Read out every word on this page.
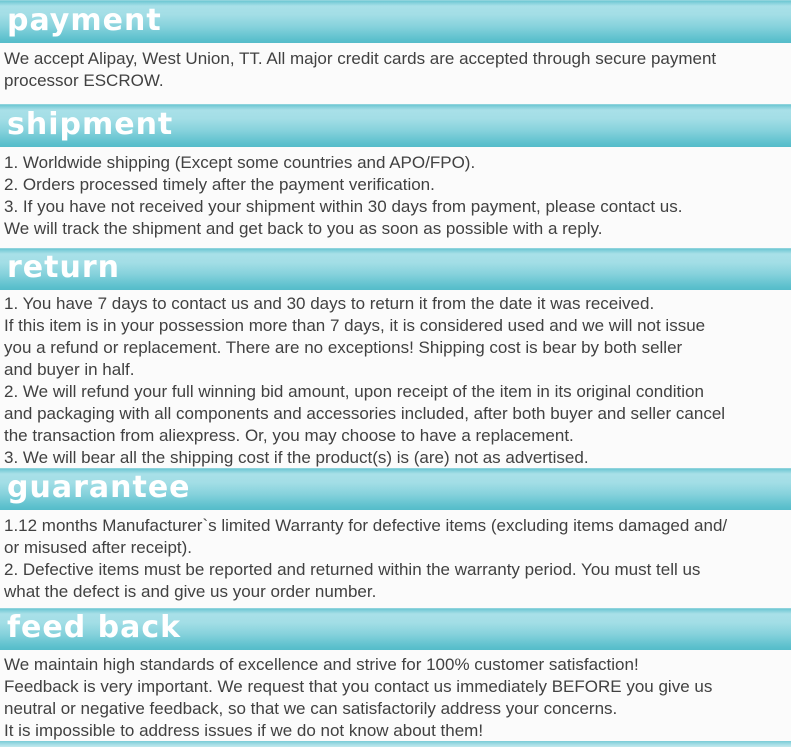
payment
We accept Alipay, West Union, TT. All major credit cards are accepted through secure payment
processor ESCROW.
shipment
1. Worldwide shipping (Except some countries and APO/FPO).
2. Orders processed timely after the payment verification.
3. If you have not received your shipment within 30 days from payment, please contact us.
We will track the shipment and get back to you as soon as possible with a reply.
return
1. You have 7 days to contact us and 30 days to return it from the date it was received.
If this item is in your possession more than 7 days, it is considered used and we will not issue
you a refund or replacement. There are no exceptions! Shipping cost is bear by both seller
and buyer in half.
2. We will refund your full winning bid amount, upon receipt of the item in its original condition
and packaging with all components and accessories included, after both buyer and seller cancel
the transaction from aliexpress. Or, you may choose to have a replacement.
3. We will bear all the shipping cost if the product(s) is (are) not as advertised.
guarantee
1.12 months Manufacturer`s limited Warranty for defective items (excluding items damaged and/
or misused after receipt).
2. Defective items must be reported and returned within the warranty period. You must tell us
what the defect is and give us your order number.
feed back
We maintain high standards of excellence and strive for 100% customer satisfaction!
Feedback is very important. We request that you contact us immediately BEFORE you give us
neutral or negative feedback, so that we can satisfactorily address your concerns.
It is impossible to address issues if we do not know about them!
